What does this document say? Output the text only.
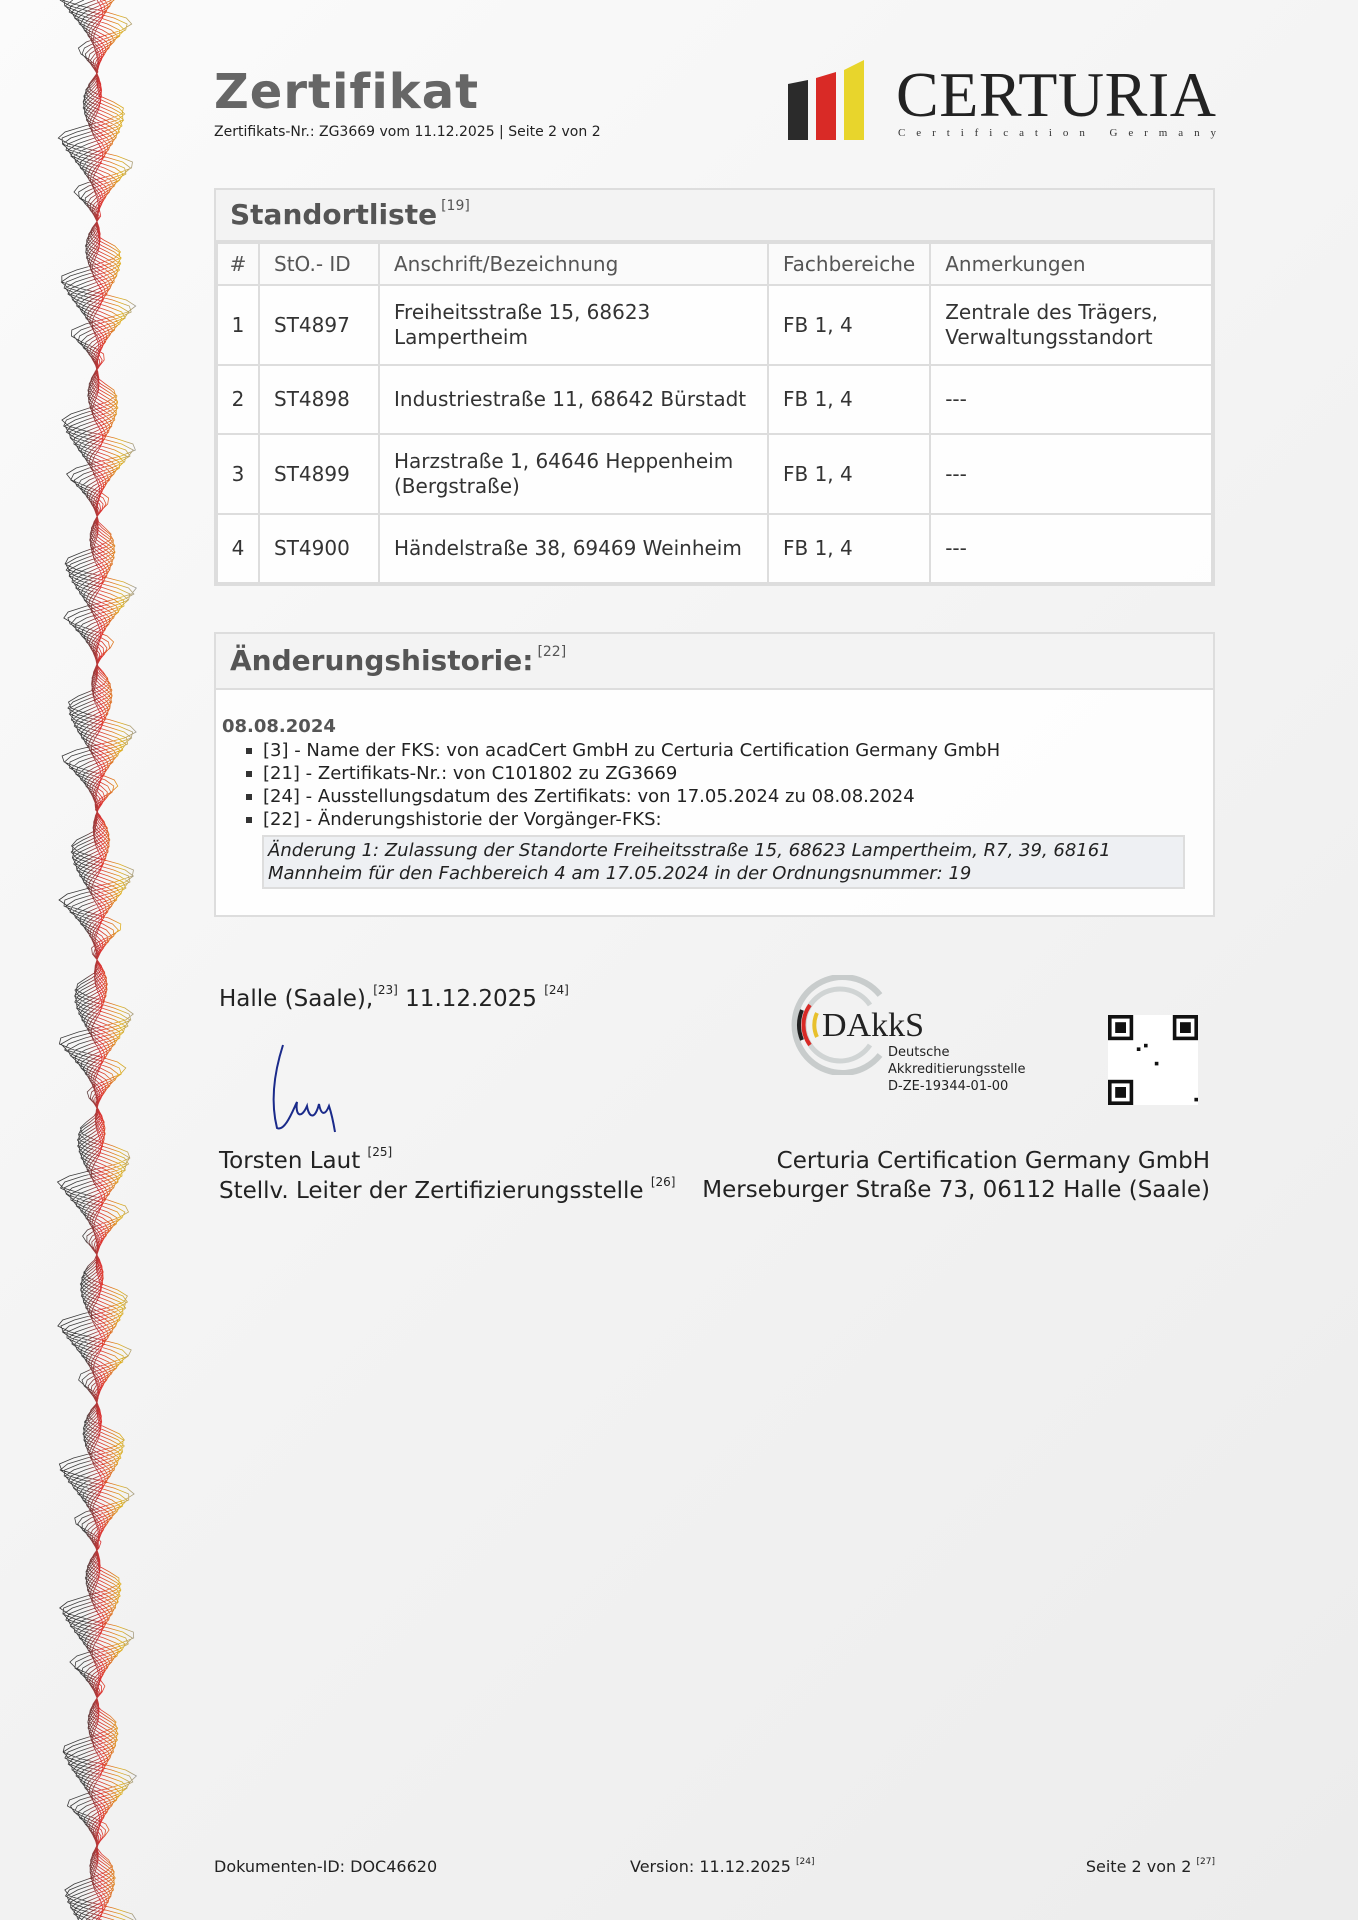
Zertifikat
Zertifikats-Nr.: ZG3669 vom 11.12.2025 | Seite 2 von 2
CERTURIA
Certification Germany
Standortliste [19]
#	StO.- ID	Anschrift/Bezeichnung	Fachbereiche	Anmerkungen
1	ST4897	Freiheitsstraße 15, 68623 Lampertheim	FB 1, 4	Zentrale des Trägers, Verwaltungsstandort
2	ST4898	Industriestraße 11, 68642 Bürstadt	FB 1, 4	---
3	ST4899	Harzstraße 1, 64646 Heppenheim (Bergstraße)	FB 1, 4	---
4	ST4900	Händelstraße 38, 69469 Weinheim	FB 1, 4	---
Änderungshistorie: [22]
08.08.2024
[3] - Name der FKS: von acadCert GmbH zu Certuria Certification Germany GmbH
[21] - Zertifikats-Nr.: von C101802 zu ZG3669
[24] - Ausstellungsdatum des Zertifikats: von 17.05.2024 zu 08.08.2024
[22] - Änderungshistorie der Vorgänger-FKS:
Änderung 1: Zulassung der Standorte Freiheitsstraße 15, 68623 Lampertheim, R7, 39, 68161 Mannheim für den Fachbereich 4 am 17.05.2024 in der Ordnungsnummer: 19
Halle (Saale),[23] 11.12.2025 [24]
Torsten Laut [25]
Stellv. Leiter der Zertifizierungsstelle [26]
DAkkS
Deutsche
Akkreditierungsstelle
D-ZE-19344-01-00
Certuria Certification Germany GmbH
Merseburger Straße 73, 06112 Halle (Saale)
Dokumenten-ID: DOC46620	Version: 11.12.2025 [24]	Seite 2 von 2 [27]
